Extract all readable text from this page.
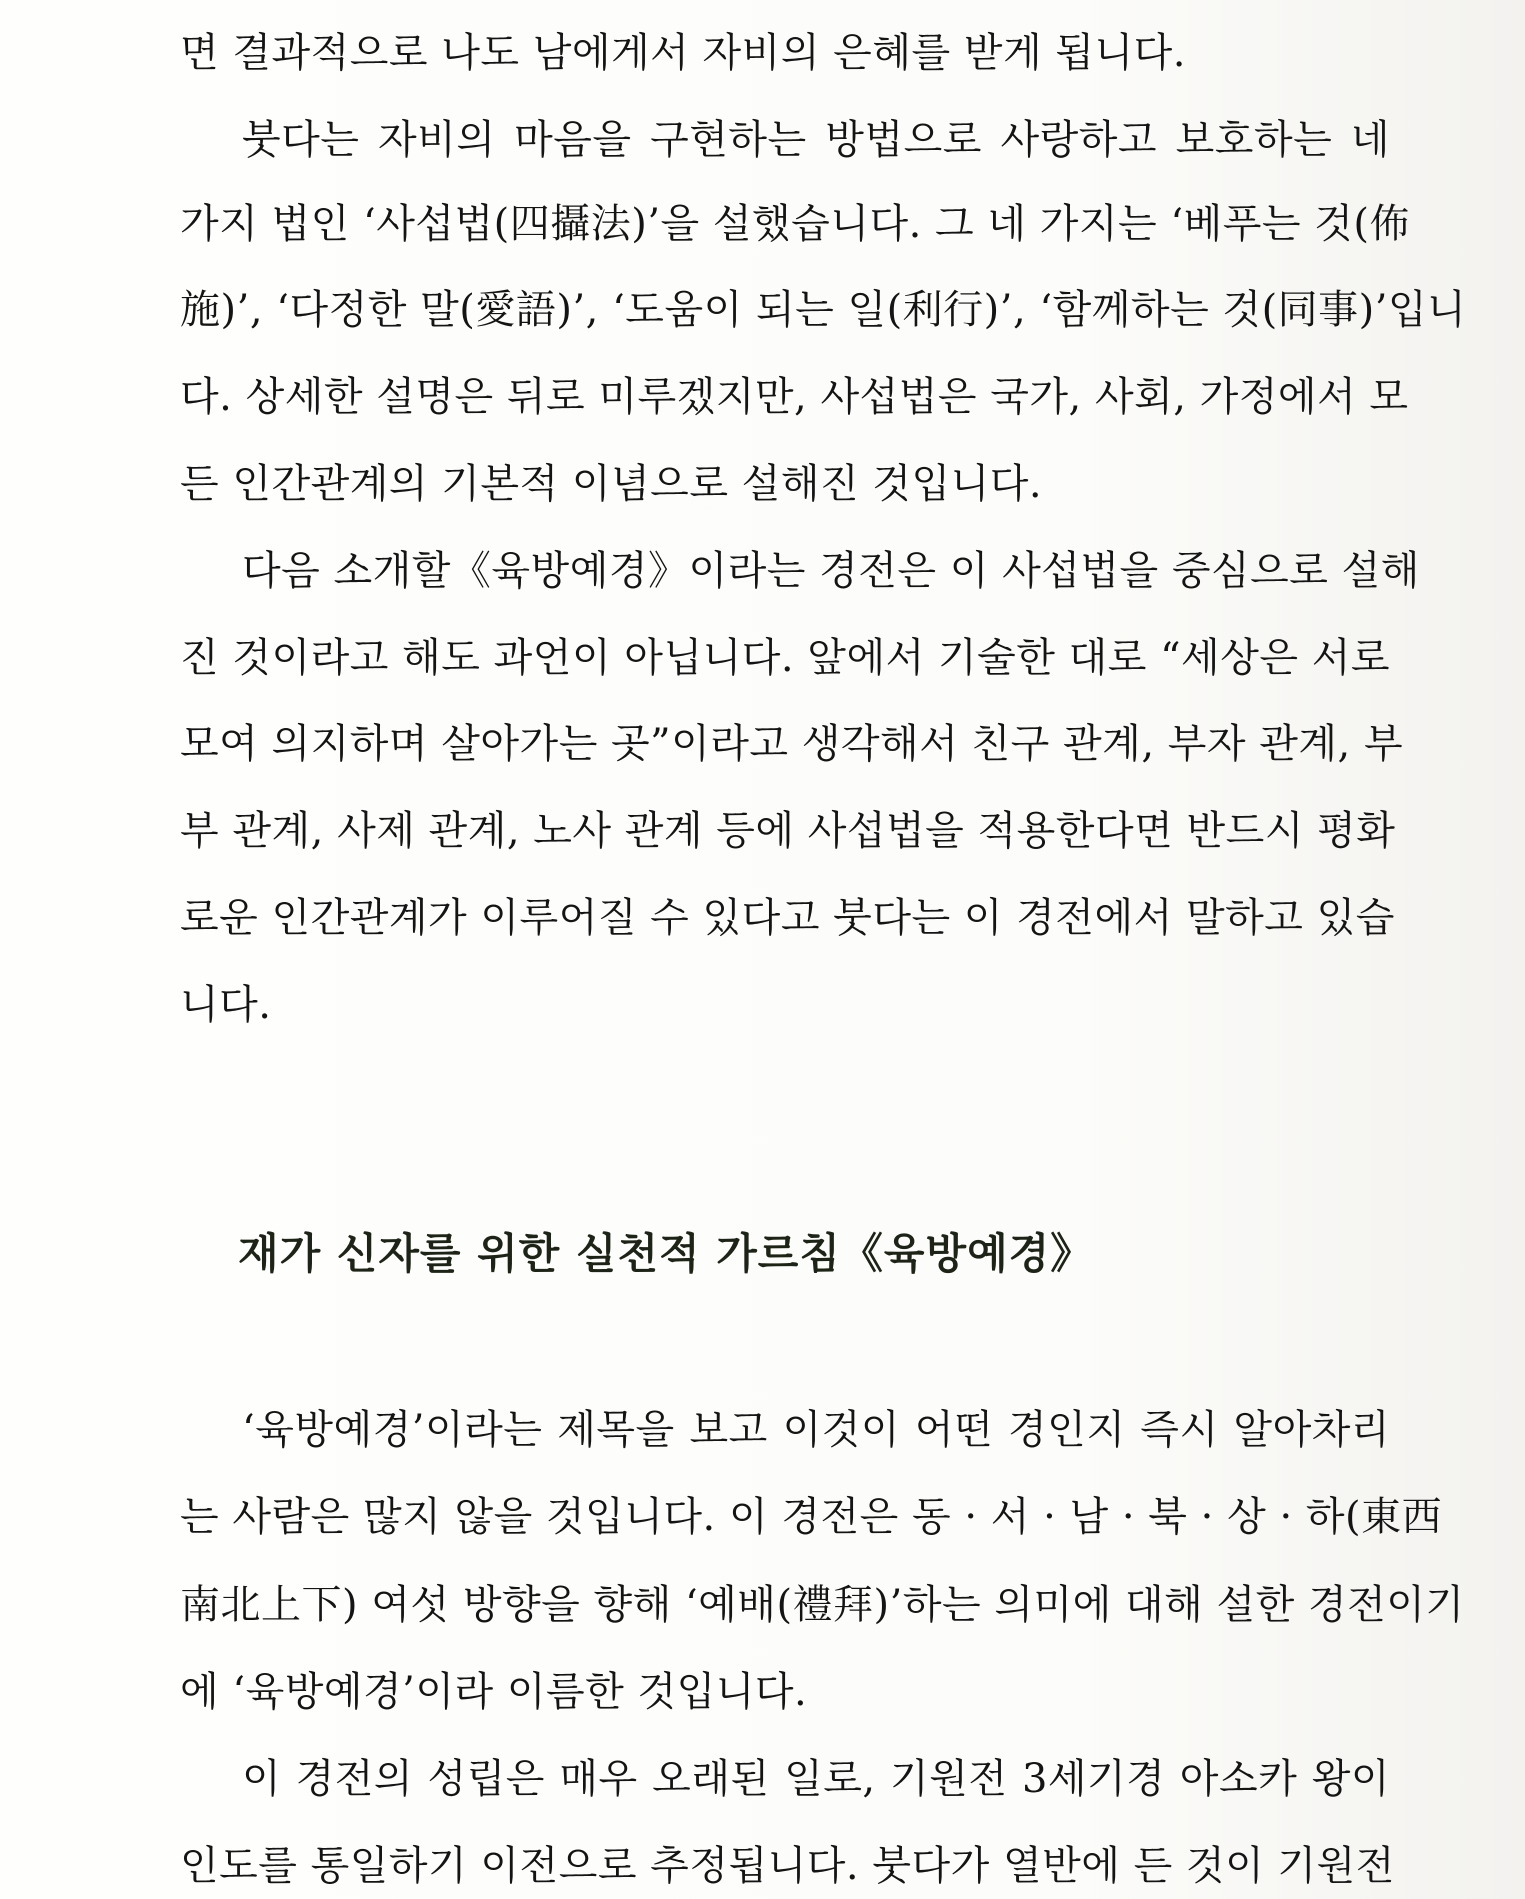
면 결과적으로 나도 남에게서 자비의 은혜를 받게 됩니다.
붓다는 자비의 마음을 구현하는 방법으로 사랑하고 보호하는 네
가지 법인 ‘사섭법(四攝法)’을 설했습니다. 그 네 가지는 ‘베푸는 것(佈
施)’, ‘다정한 말(愛語)’, ‘도움이 되는 일(利行)’, ‘함께하는 것(同事)’입니
다. 상세한 설명은 뒤로 미루겠지만, 사섭법은 국가, 사회, 가정에서 모
든 인간관계의 기본적 이념으로 설해진 것입니다.
다음 소개할《육방예경》이라는 경전은 이 사섭법을 중심으로 설해
진 것이라고 해도 과언이 아닙니다. 앞에서 기술한 대로 “세상은 서로
모여 의지하며 살아가는 곳”이라고 생각해서 친구 관계, 부자 관계, 부
부 관계, 사제 관계, 노사 관계 등에 사섭법을 적용한다면 반드시 평화
로운 인간관계가 이루어질 수 있다고 붓다는 이 경전에서 말하고 있습
니다.
재가 신자를 위한 실천적 가르침《육방예경》
‘육방예경’이라는 제목을 보고 이것이 어떤 경인지 즉시 알아차리
는 사람은 많지 않을 것입니다. 이 경전은 동 · 서 · 남 · 북 · 상 · 하(東西
南北上下) 여섯 방향을 향해 ‘예배(禮拜)’하는 의미에 대해 설한 경전이기
에 ‘육방예경’이라 이름한 것입니다.
이 경전의 성립은 매우 오래된 일로, 기원전 3세기경 아소카 왕이
인도를 통일하기 이전으로 추정됩니다. 붓다가 열반에 든 것이 기원전
